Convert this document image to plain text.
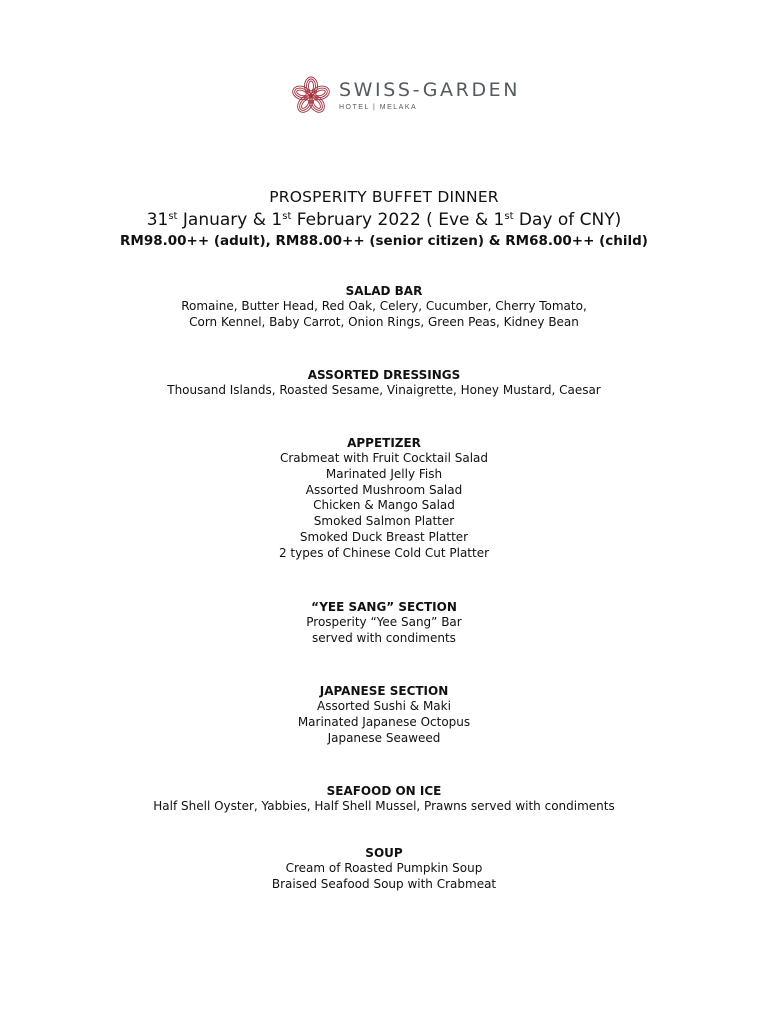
SWISS-GARDEN
HOTEL | MELAKA
PROSPERITY BUFFET DINNER
31st January & 1st February 2022 ( Eve & 1st Day of CNY)
RM98.00++ (adult), RM88.00++ (senior citizen) & RM68.00++ (child)
SALAD BAR
Romaine, Butter Head, Red Oak, Celery, Cucumber, Cherry Tomato,
Corn Kennel, Baby Carrot, Onion Rings, Green Peas, Kidney Bean
ASSORTED DRESSINGS
Thousand Islands, Roasted Sesame, Vinaigrette, Honey Mustard, Caesar
APPETIZER
Crabmeat with Fruit Cocktail Salad
Marinated Jelly Fish
Assorted Mushroom Salad
Chicken & Mango Salad
Smoked Salmon Platter
Smoked Duck Breast Platter
2 types of Chinese Cold Cut Platter
“YEE SANG” SECTION
Prosperity “Yee Sang” Bar
served with condiments
JAPANESE SECTION
Assorted Sushi & Maki
Marinated Japanese Octopus
Japanese Seaweed
SEAFOOD ON ICE
Half Shell Oyster, Yabbies, Half Shell Mussel, Prawns served with condiments
SOUP
Cream of Roasted Pumpkin Soup
Braised Seafood Soup with Crabmeat
